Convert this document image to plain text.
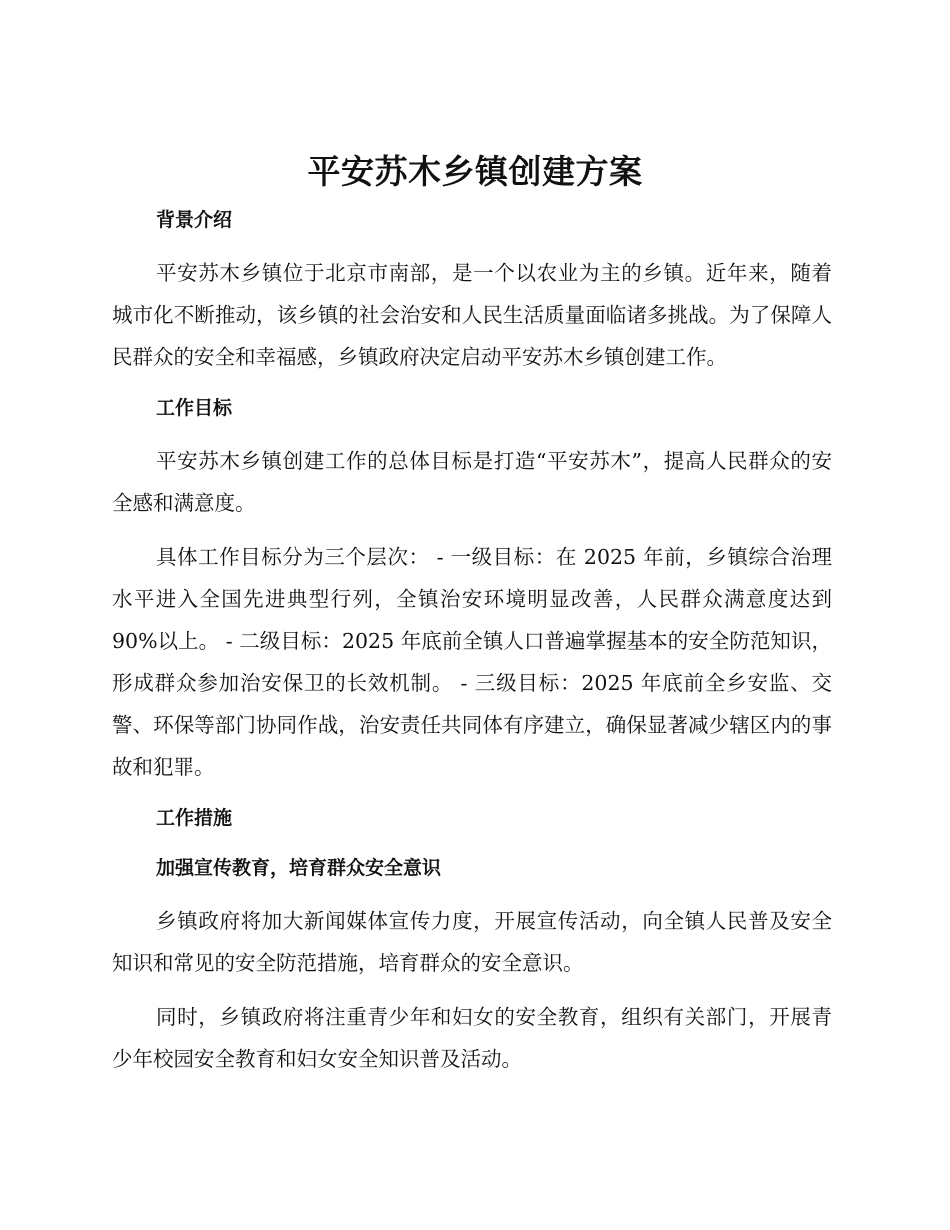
平安苏木乡镇创建方案
背景介绍

平安苏木乡镇位于北京市南部，是一个以农业为主的乡镇。近年来，随着城市化不断推动，该乡镇的社会治安和人民生活质量面临诸多挑战。为了保障人民群众的安全和幸福感，乡镇政府决定启动平安苏木乡镇创建工作。

工作目标

平安苏木乡镇创建工作的总体目标是打造“平安苏木”，提高人民群众的安全感和满意度。

具体工作目标分为三个层次： - 一级目标：在 2025 年前，乡镇综合治理水平进入全国先进典型行列，全镇治安环境明显改善，人民群众满意度达到 90%以上。 - 二级目标：2025 年底前全镇人口普遍掌握基本的安全防范知识，形成群众参加治安保卫的长效机制。 - 三级目标：2025 年底前全乡安监、交警、环保等部门协同作战，治安责任共同体有序建立，确保显著减少辖区内的事故和犯罪。

工作措施
加强宣传教育，培育群众安全意识

乡镇政府将加大新闻媒体宣传力度，开展宣传活动，向全镇人民普及安全知识和常见的安全防范措施，培育群众的安全意识。

同时，乡镇政府将注重青少年和妇女的安全教育，组织有关部门，开展青少年校园安全教育和妇女安全知识普及活动。
